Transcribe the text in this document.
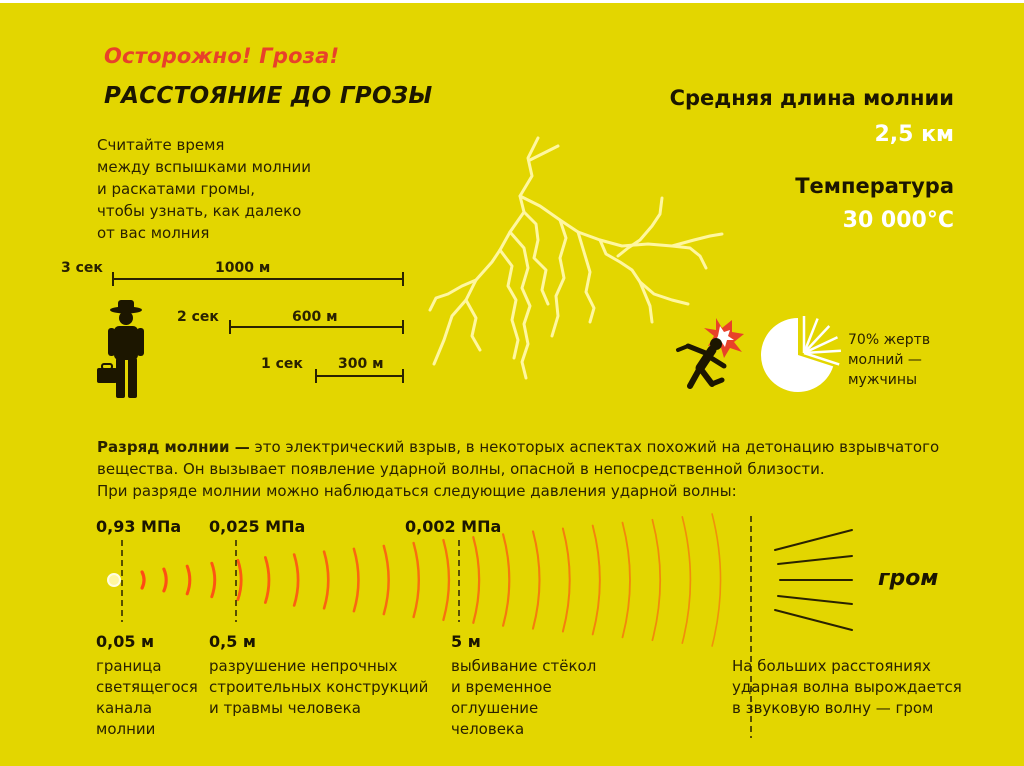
Осторожно! Гроза!
РАССТОЯНИЕ ДО ГРОЗЫ
Считайте время
между вспышками молнии
и раскатами громы,
чтобы узнать, как далеко
от вас молния
3 сек	1000 м
2 сек	600 м
1 сек	300 м
Средняя длина молнии
2,5 км
Температура
30 000°С
70% жертв
молний —
мужчины
Разряд молнии — это электрический взрыв, в некоторых аспектах похожий на детонацию взрывчатого
вещества. Он вызывает появление ударной волны, опасной в непосредственной близости.
При разряде молнии можно наблюдаться следующие давления ударной волны:
0,93 МПа 0,025 МПа	0,002 МПа
0,05 м	0,5 м	5 м
граница
светящегося
канала
молнии
разрушение непрочных
строительных конструкций
и травмы человека
выбивание стёкол
и временное
оглушение
человека
На больших расстояниях
ударная волна вырождается
в звуковую волну — гром
гром
